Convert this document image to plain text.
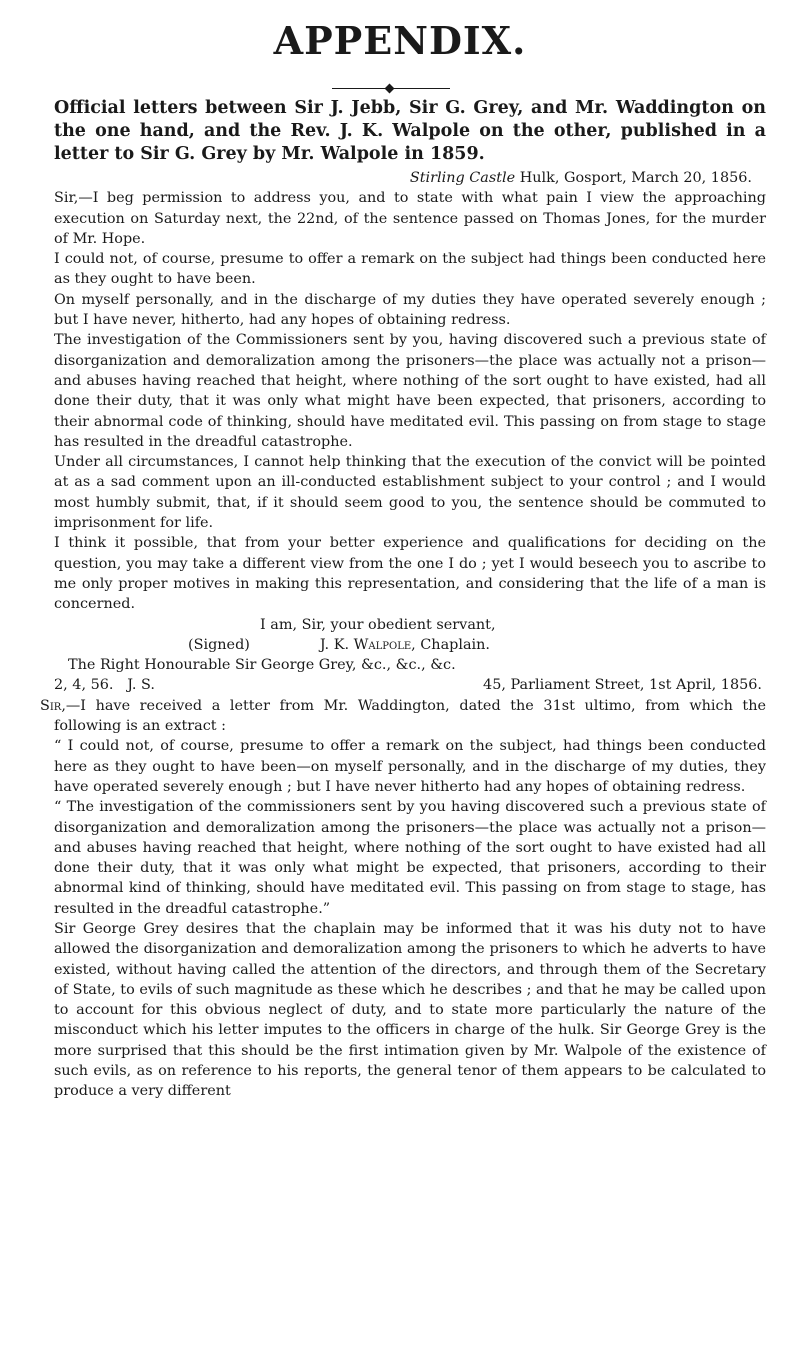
APPENDIX.
Official letters between Sir J. Jebb, Sir G. Grey, and Mr. Waddington on the one hand, and the Rev. J. K. Walpole on the other, published in a letter to Sir G. Grey by Mr. Walpole in 1859.

Stirling Castle Hulk, Gosport, March 20, 1856.

Sir,—I beg permission to address you, and to state with what pain I view the approaching execution on Saturday next, the 22nd, of the sentence passed on Thomas Jones, for the murder of Mr. Hope.

I could not, of course, presume to offer a remark on the subject had things been conducted here as they ought to have been.

On myself personally, and in the discharge of my duties they have operated severely enough ; but I have never, hitherto, had any hopes of obtaining redress.

The investigation of the Commissioners sent by you, having discovered such a previous state of disorganization and demoralization among the prisoners—the place was actually not a prison—and abuses having reached that height, where nothing of the sort ought to have existed, had all done their duty, that it was only what might have been expected, that prisoners, according to their abnormal code of thinking, should have meditated evil. This passing on from stage to stage has resulted in the dreadful catastrophe.

Under all circumstances, I cannot help thinking that the execution of the convict will be pointed at as a sad comment upon an ill-conducted establishment subject to your control ; and I would most humbly submit, that, if it should seem good to you, the sentence should be commuted to imprisonment for life.

I think it possible, that from your better experience and qualifications for deciding on the question, you may take a different view from the one I do ; yet I would beseech you to ascribe to me only proper motives in making this representation, and considering that the life of a man is concerned.

I am, Sir, your obedient servant,

(Signed)	J. K. Walpole, Chaplain.

The Right Honourable Sir George Grey, &c., &c., &c.

2, 4, 56.   J. S.	45, Parliament Street, 1st April, 1856.

Sir,—I have received a letter from Mr. Waddington, dated the 31st ultimo, from which the following is an extract :

“ I could not, of course, presume to offer a remark on the subject, had things been conducted here as they ought to have been—on myself personally, and in the discharge of my duties, they have operated severely enough ; but I have never hitherto had any hopes of obtaining redress.

“ The investigation of the commissioners sent by you having discovered such a previous state of disorganization and demoralization among the prisoners—the place was actually not a prison—and abuses having reached that height, where nothing of the sort ought to have existed had all done their duty, that it was only what might be expected, that prisoners, according to their abnormal kind of thinking, should have meditated evil. This passing on from stage to stage, has resulted in the dreadful catastrophe.”

Sir George Grey desires that the chaplain may be informed that it was his duty not to have allowed the disorganization and demoralization among the prisoners to which he adverts to have existed, without having called the attention of the directors, and through them of the Secretary of State, to evils of such magnitude as these which he describes ; and that he may be called upon to account for this obvious neglect of duty, and to state more particularly the nature of the misconduct which his letter imputes to the officers in charge of the hulk. Sir George Grey is the more surprised that this should be the first intimation given by Mr. Walpole of the existence of such evils, as on reference to his reports, the general tenor of them appears to be calculated to produce a very different
